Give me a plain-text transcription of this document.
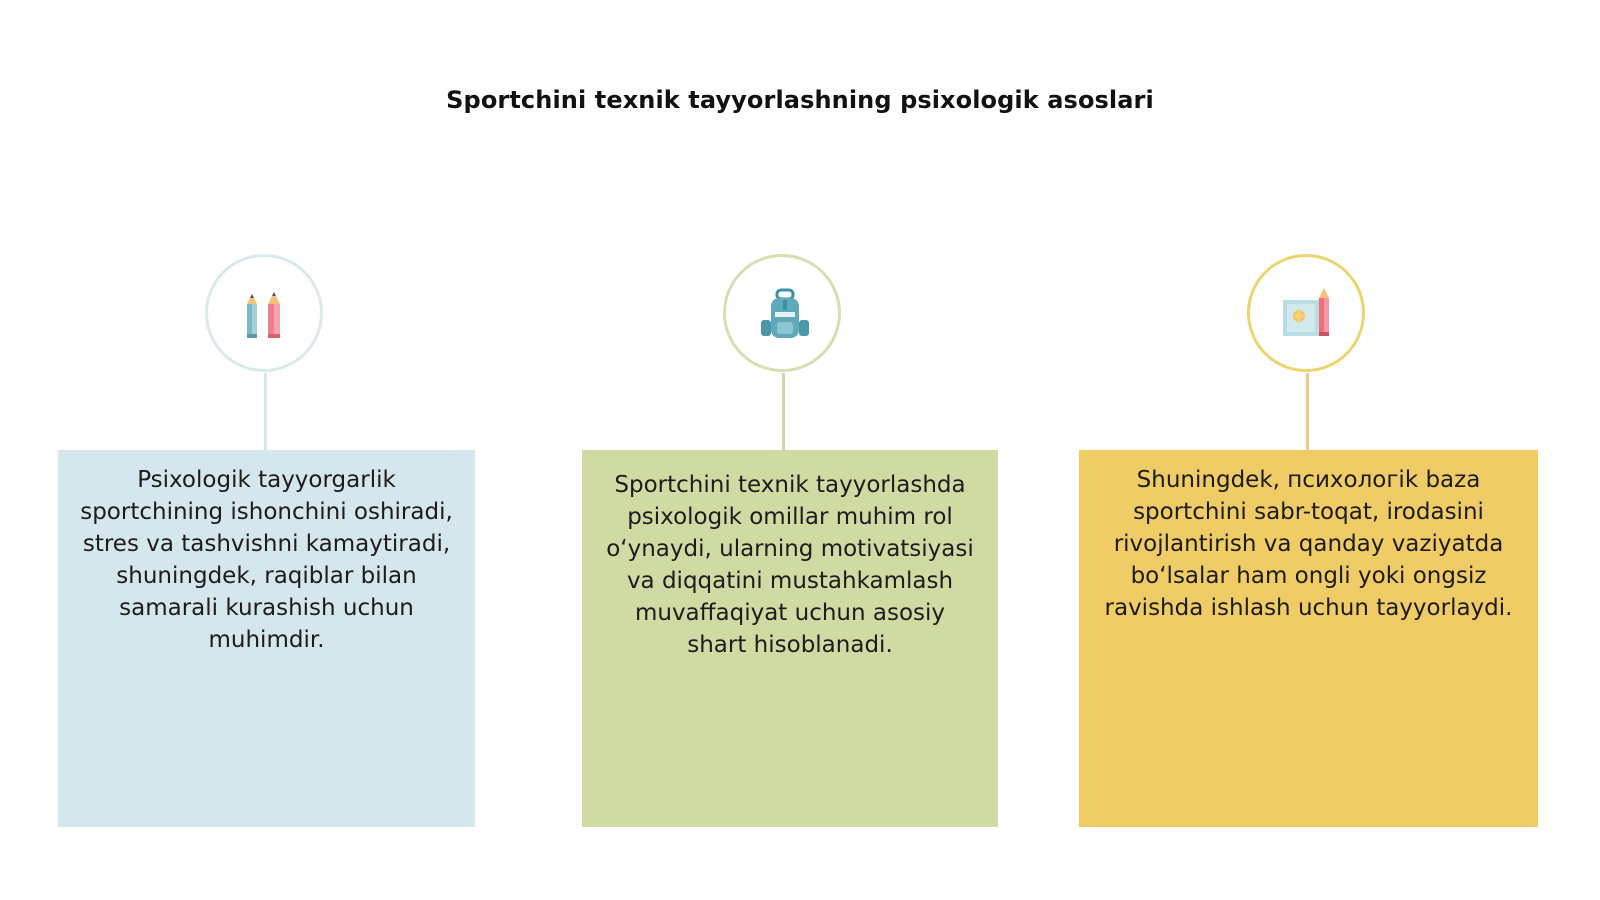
Sportchini texnik tayyorlashning psixologik asoslari
Psixologik tayyorgarlik sportchining ishonchini oshiradi, stres va tashvishni kamaytiradi, shuningdek, raqiblar bilan samarali kurashish uchun muhimdir.
Sportchini texnik tayyorlashda psixologik omillar muhim rol oʻynaydi, ularning motivatsiyasi va diqqatini mustahkamlash muvaffaqiyat uchun asosiy shart hisoblanadi.
Shuningdek, психологik baza sportchini sabr-toqat, irodasini rivojlantirish va qanday vaziyatda boʻlsalar ham ongli yoki ongsiz ravishda ishlash uchun tayyorlaydi.
